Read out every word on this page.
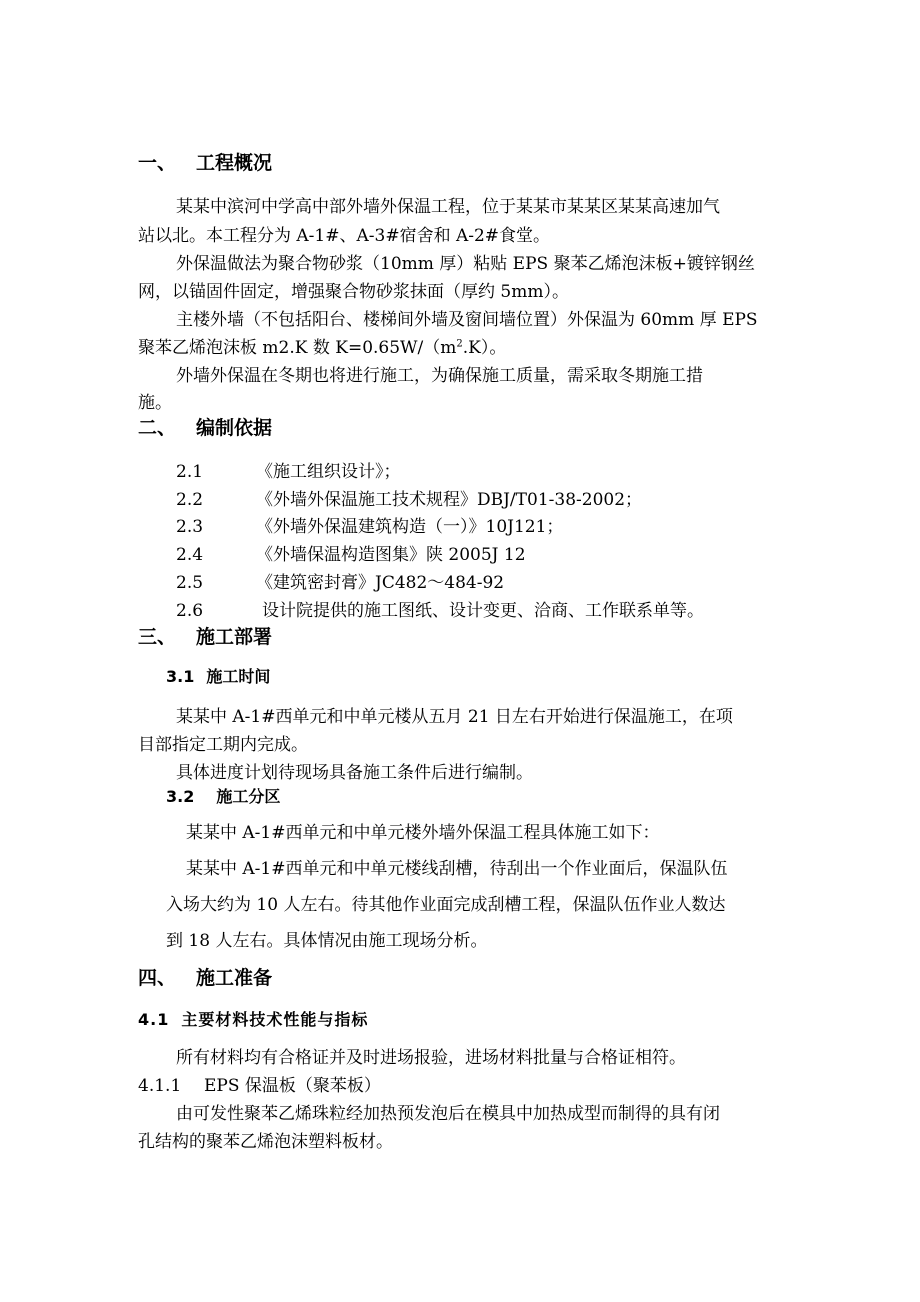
一、 工程概况
某某中滨河中学高中部外墙外保温工程，位于某某市某某区某某高速加气
站以北。本工程分为 A-1#、A-3#宿舍和 A-2#食堂。
外保温做法为聚合物砂浆（10mm 厚）粘贴 EPS 聚苯乙烯泡沫板+镀锌钢丝
网，以锚固件固定，增强聚合物砂浆抹面（厚约 5mm）。
主楼外墙（不包括阳台、楼梯间外墙及窗间墙位置）外保温为 60mm 厚 EPS
聚苯乙烯泡沫板 m2.K 数 $K=0.65W/(m^2.K)$。
外墙外保温在冬期也将进行施工，为确保施工质量，需采取冬期施工措
施。
二、 编制依据
2.1	《施工组织设计》；
2.2	《外墙外保温施工技术规程》DBJ/T01-38-2002；
2.3	《外墙外保温建筑构造（一）》10J121；
2.4	《外墙保温构造图集》陕 2005J 12
2.5	《建筑密封膏》JC482～484-92
2.6	设计院提供的施工图纸、设计变更、洽商、工作联系单等。
三、 施工部署
3.1 施工时间
某某中 A-1#西单元和中单元楼从五月 21 日左右开始进行保温施工，在项
目部指定工期内完成。
具体进度计划待现场具备施工条件后进行编制。
3.2 施工分区
某某中 A-1#西单元和中单元楼外墙外保温工程具体施工如下：
某某中 A-1#西单元和中单元楼线刮槽，待刮出一个作业面后，保温队伍
入场大约为 10 人左右。待其他作业面完成刮槽工程，保温队伍作业人数达
到 18 人左右。具体情况由施工现场分析。
四、 施工准备
4.1 主要材料技术性能与指标
所有材料均有合格证并及时进场报验，进场材料批量与合格证相符。
4.1.1 EPS 保温板（聚苯板）
由可发性聚苯乙烯珠粒经加热预发泡后在模具中加热成型而制得的具有闭
孔结构的聚苯乙烯泡沫塑料板材。
